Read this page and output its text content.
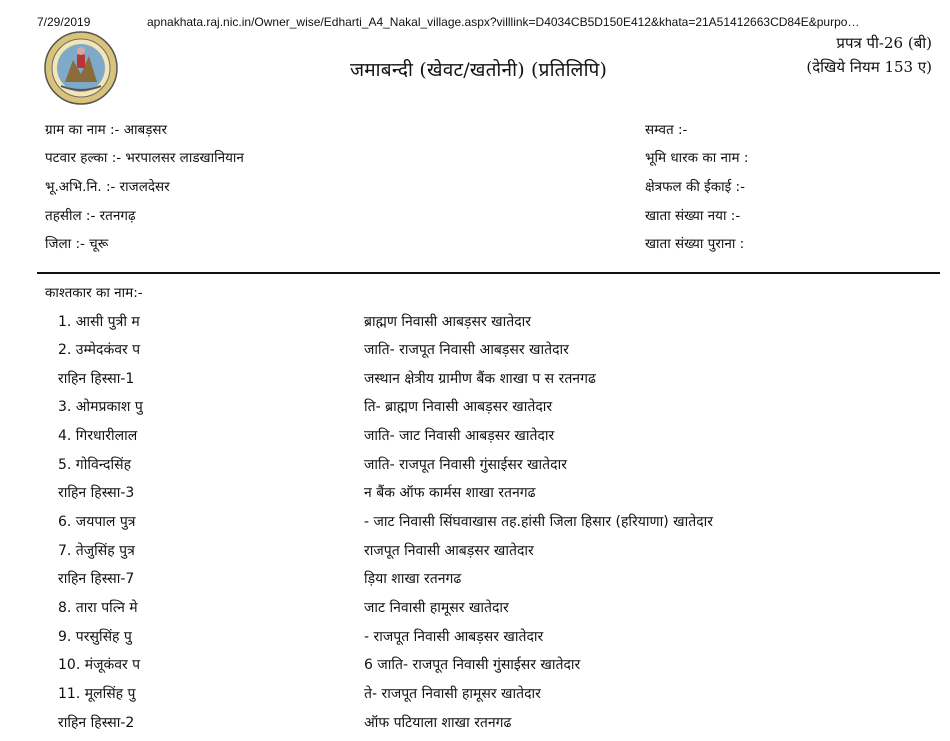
7/29/2019	apnakhata.raj.nic.in/Owner_wise/Edharti_A4_Nakal_village.aspx?villlink=D4034CB5D150E412&khata=21A51412663CD84E&purpo…
जमाबन्दी (खेवट/खतोनी) (प्रतिलिपि)
प्रपत्र पी-26 (बी)
(देखिये नियम 153 ए)
ग्राम का नाम :- आबड़सर
पटवार हल्का :- भरपालसर लाडखानियान
भू.अभि.नि. :- राजलदेसर
तहसील :- रतनगढ़
जिला :- चूरू
सम्वत :-
भूमि धारक का नाम :
क्षेत्रफल की ईकाई :-
खाता संख्या नया :-
खाता संख्या पुराना :
काश्तकार का नाम:-
1. आसी पुत्री म
2. उम्मेदकंवर प
राहिन हिस्सा-1
3. ओमप्रकाश पु
4. गिरधारीलाल
5. गोविन्दसिंह
राहिन हिस्सा-3
6. जयपाल पुत्र
7. तेजुसिंह पुत्र
राहिन हिस्सा-7
8. तारा पत्नि मे
9. परसुसिंह पु
10. मंजूकंवर प
11. मूलसिंह पु
राहिन हिस्सा-2
ब्राह्मण निवासी आबड़सर खातेदार
जाति- राजपूत निवासी आबड़सर खातेदार
जस्थान क्षेत्रीय ग्रामीण बैंक शाखा प स रतनगढ
ति- ब्राह्मण निवासी आबड़सर खातेदार
जाति- जाट निवासी आबड़सर खातेदार
जाति- राजपूत निवासी गुंसाईसर खातेदार
न बैंक ऑफ कार्मस शाखा रतनगढ
- जाट निवासी सिंघवाखास तह.हांसी जिला हिसार (हरियाणा) खातेदार
राजपूत निवासी आबड़सर खातेदार
ड़िया शाखा रतनगढ
जाट निवासी हामूसर खातेदार
- राजपूत निवासी आबड़सर खातेदार
6 जाति- राजपूत निवासी गुंसाईसर खातेदार
ते- राजपूत निवासी हामूसर खातेदार
ऑफ पटियाला शाखा रतनगढ
